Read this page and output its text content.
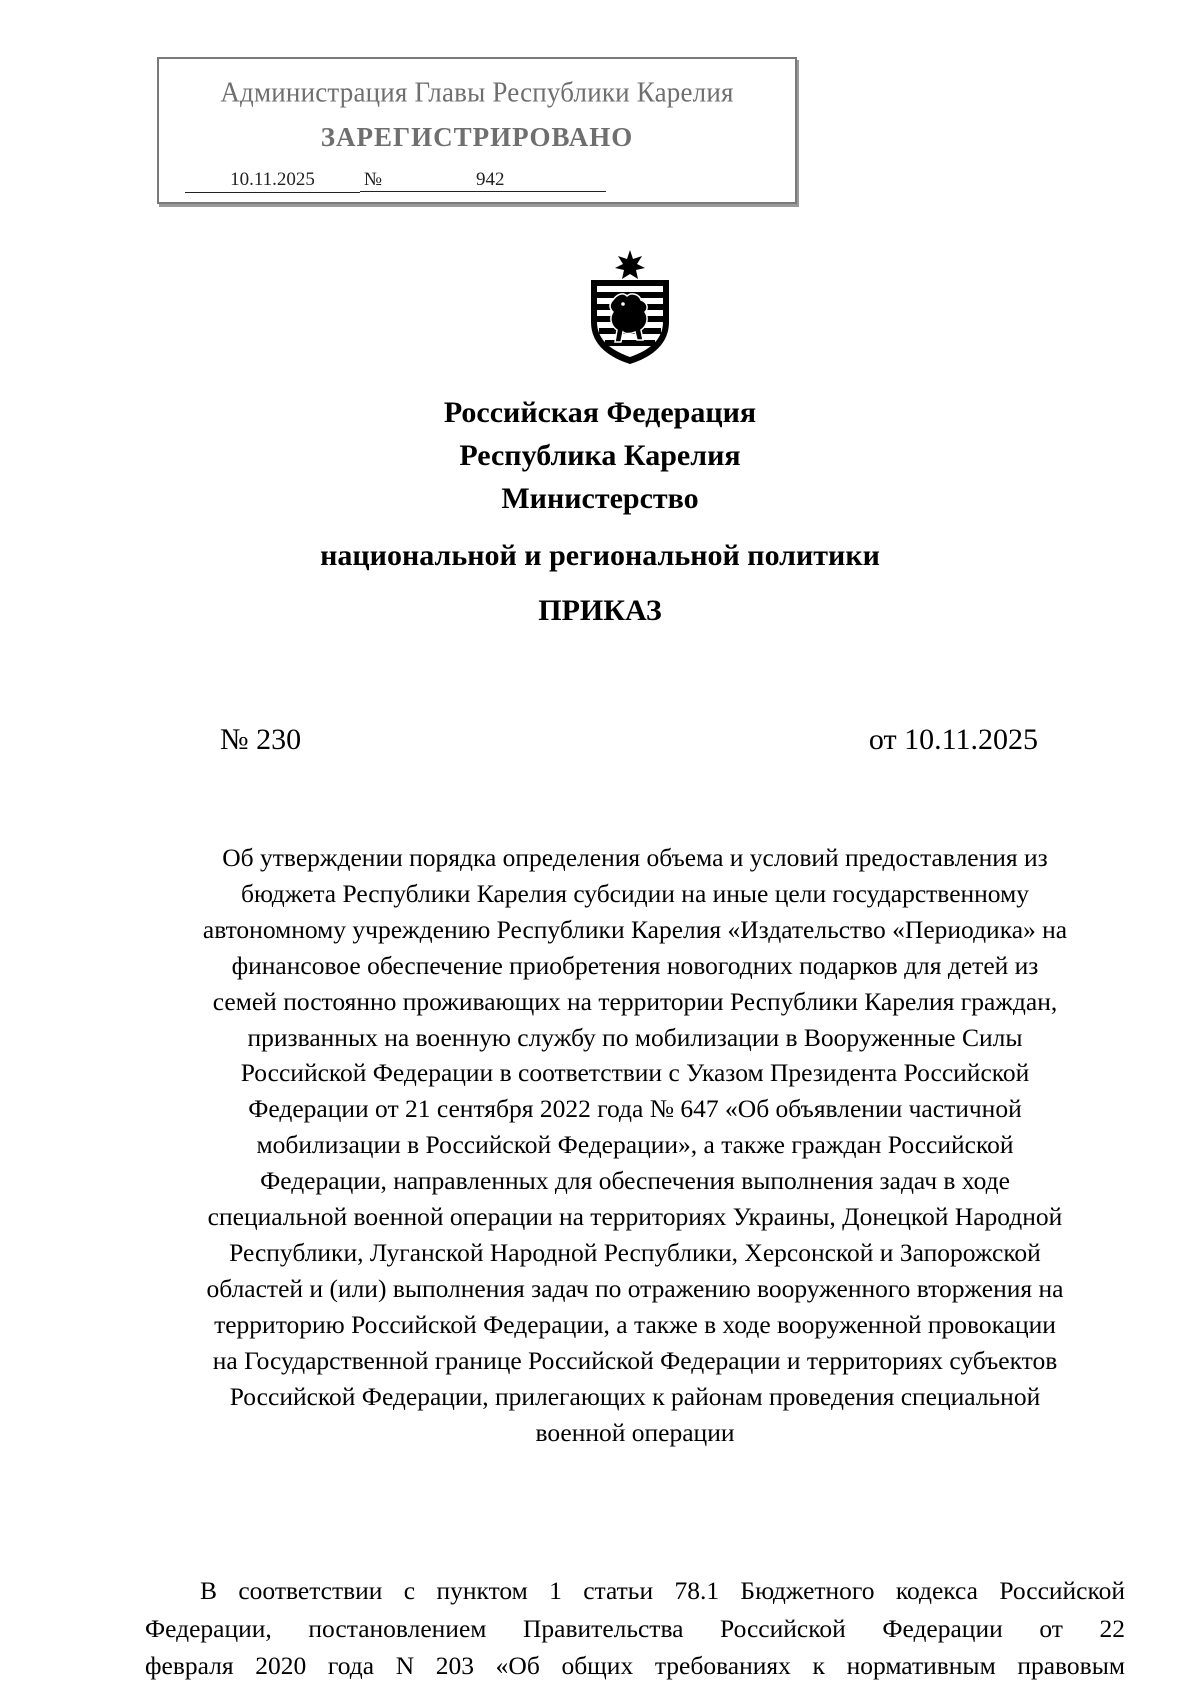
Администрация Главы Республики Карелия
ЗАРЕГИСТРИРОВАНО
10.11.2025	№	942
Российская Федерация
Республика Карелия
Министерство
национальной и региональной политики
ПРИКАЗ
№ 230	от 10.11.2025
Об утверждении порядка определения объема и условий предоставления из
бюджета Республики Карелия субсидии на иные цели государственному
автономному учреждению Республики Карелия «Издательство «Периодика» на
финансовое обеспечение приобретения новогодних подарков для детей из
семей постоянно проживающих на территории Республики Карелия граждан,
призванных на военную службу по мобилизации в Вооруженные Силы
Российской Федерации в соответствии с Указом Президента Российской
Федерации от 21 сентября 2022 года № 647 «Об объявлении частичной
мобилизации в Российской Федерации», а также граждан Российской
Федерации, направленных для обеспечения выполнения задач в ходе
специальной военной операции на территориях Украины, Донецкой Народной
Республики, Луганской Народной Республики, Херсонской и Запорожской
областей и (или) выполнения задач по отражению вооруженного вторжения на
территорию Российской Федерации, а также в ходе вооруженной провокации
на Государственной границе Российской Федерации и территориях субъектов
Российской Федерации, прилегающих к районам проведения специальной
военной операции
В соответствии с пунктом 1 статьи 78.1 Бюджетного кодекса Российской
Федерации, постановлением Правительства Российской Федерации от 22
февраля 2020 года N 203 «Об общих требованиях к нормативным правовым
